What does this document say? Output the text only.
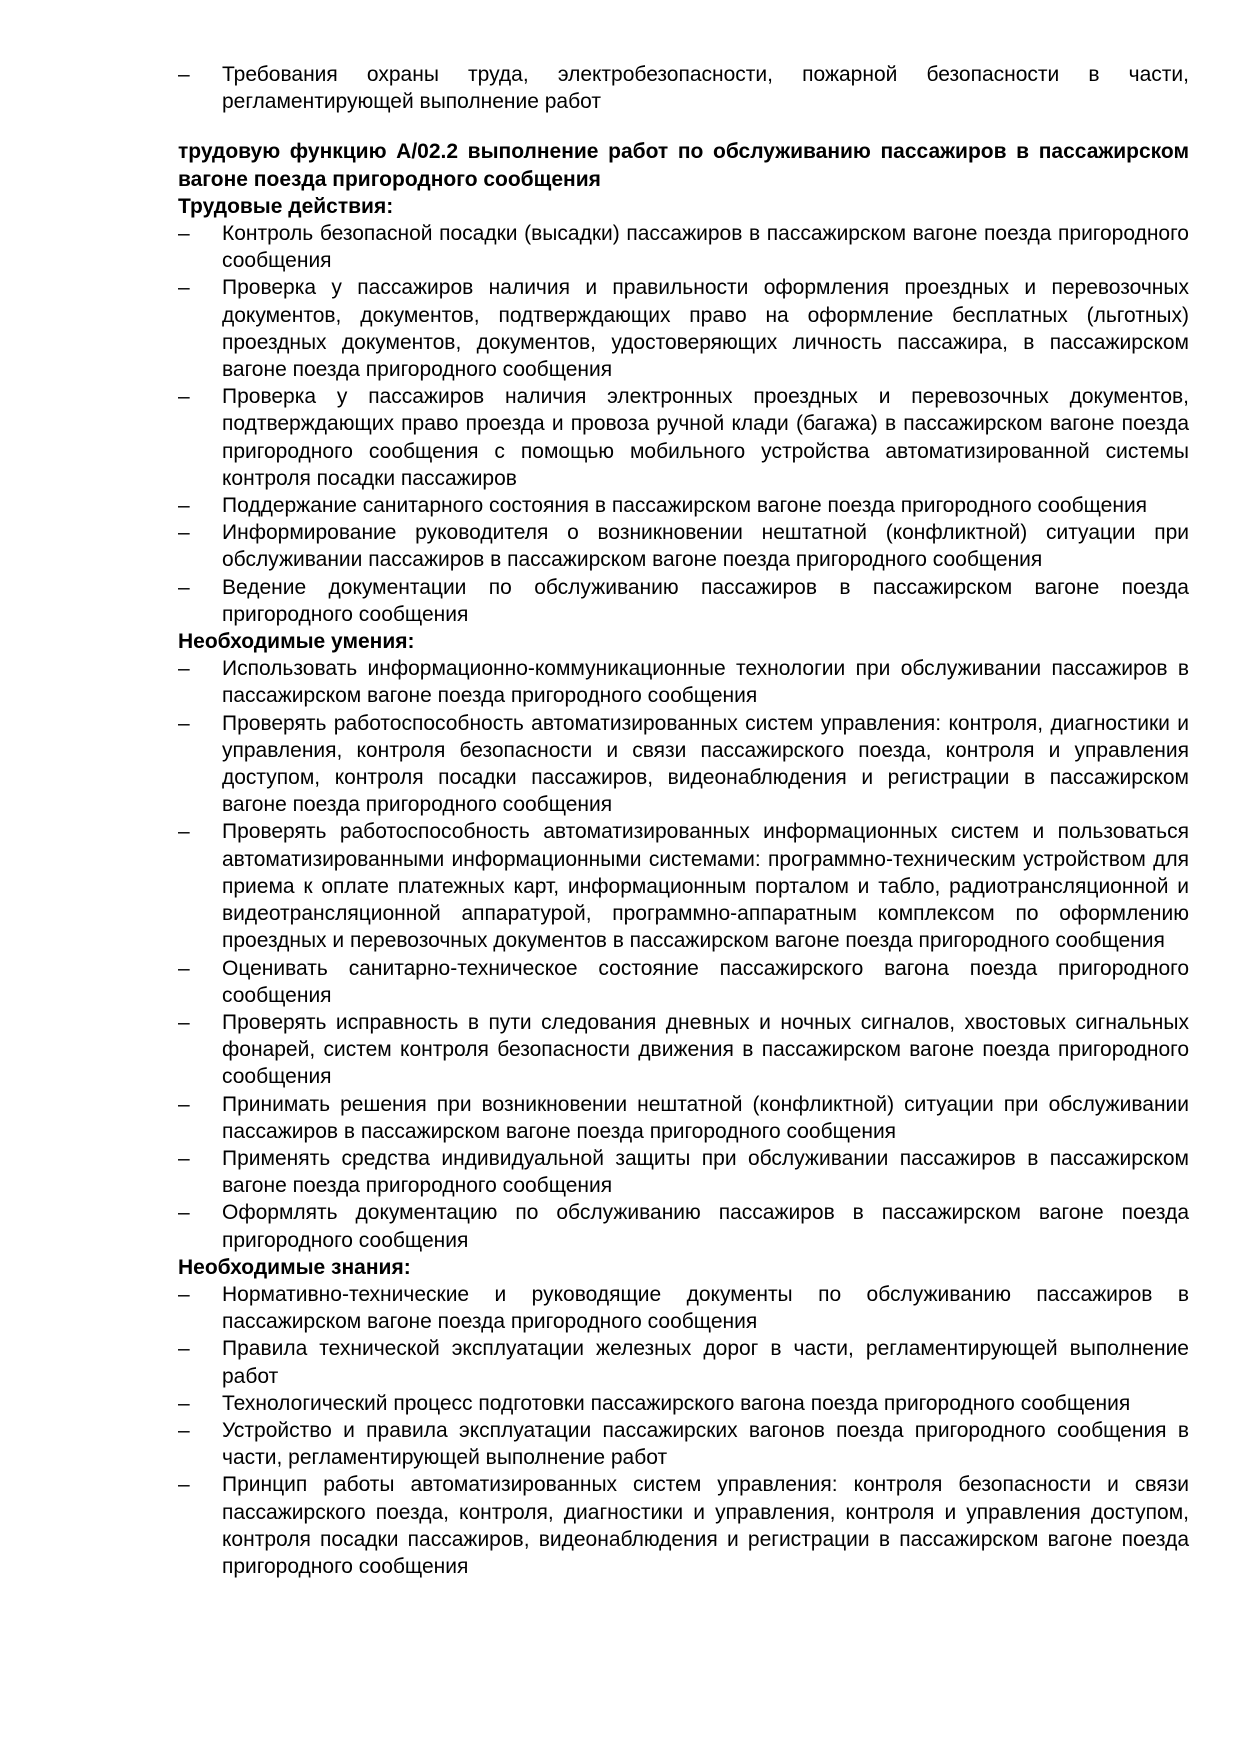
–	Требования охраны труда, электробезопасности, пожарной безопасности в части, регламентирующей выполнение работ

трудовую функцию А/02.2 выполнение работ по обслуживанию пассажиров в пассажирском вагоне поезда пригородного сообщения

Трудовые действия:

–	Контроль безопасной посадки (высадки) пассажиров в пассажирском вагоне поезда пригородного сообщения
–	Проверка у пассажиров наличия и правильности оформления проездных и перевозочных документов, документов, подтверждающих право на оформление бесплатных (льготных) проездных документов, документов, удостоверяющих личность пассажира, в пассажирском вагоне поезда пригородного сообщения
–	Проверка у пассажиров наличия электронных проездных и перевозочных документов, подтверждающих право проезда и провоза ручной клади (багажа) в пассажирском вагоне поезда пригородного сообщения с помощью мобильного устройства автоматизированной системы контроля посадки пассажиров
–	Поддержание санитарного состояния в пассажирском вагоне поезда пригородного сообщения
–	Информирование руководителя о возникновении нештатной (конфликтной) ситуации при обслуживании пассажиров в пассажирском вагоне поезда пригородного сообщения
–	Ведение документации по обслуживанию пассажиров в пассажирском вагоне поезда пригородного сообщения

Необходимые умения:

–	Использовать информационно-коммуникационные технологии при обслуживании пассажиров в пассажирском вагоне поезда пригородного сообщения
–	Проверять работоспособность автоматизированных систем управления: контроля, диагностики и управления, контроля безопасности и связи пассажирского поезда, контроля и управления доступом, контроля посадки пассажиров, видеонаблюдения и регистрации в пассажирском вагоне поезда пригородного сообщения
–	Проверять работоспособность автоматизированных информационных систем и пользоваться автоматизированными информационными системами: программно-техническим устройством для приема к оплате платежных карт, информационным порталом и табло, радиотрансляционной и видеотрансляционной аппаратурой, программно-аппаратным комплексом по оформлению проездных и перевозочных документов в пассажирском вагоне поезда пригородного сообщения
–	Оценивать санитарно-техническое состояние пассажирского вагона поезда пригородного сообщения
–	Проверять исправность в пути следования дневных и ночных сигналов, хвостовых сигнальных фонарей, систем контроля безопасности движения в пассажирском вагоне поезда пригородного сообщения
–	Принимать решения при возникновении нештатной (конфликтной) ситуации при обслуживании пассажиров в пассажирском вагоне поезда пригородного сообщения
–	Применять средства индивидуальной защиты при обслуживании пассажиров в пассажирском вагоне поезда пригородного сообщения
–	Оформлять документацию по обслуживанию пассажиров в пассажирском вагоне поезда пригородного сообщения

Необходимые знания:

–	Нормативно-технические и руководящие документы по обслуживанию пассажиров в пассажирском вагоне поезда пригородного сообщения
–	Правила технической эксплуатации железных дорог в части, регламентирующей выполнение работ
–	Технологический процесс подготовки пассажирского вагона поезда пригородного сообщения
–	Устройство и правила эксплуатации пассажирских вагонов поезда пригородного сообщения в части, регламентирующей выполнение работ
–	Принцип работы автоматизированных систем управления: контроля безопасности и связи пассажирского поезда, контроля, диагностики и управления, контроля и управления доступом, контроля посадки пассажиров, видеонаблюдения и регистрации в пассажирском вагоне поезда пригородного сообщения
